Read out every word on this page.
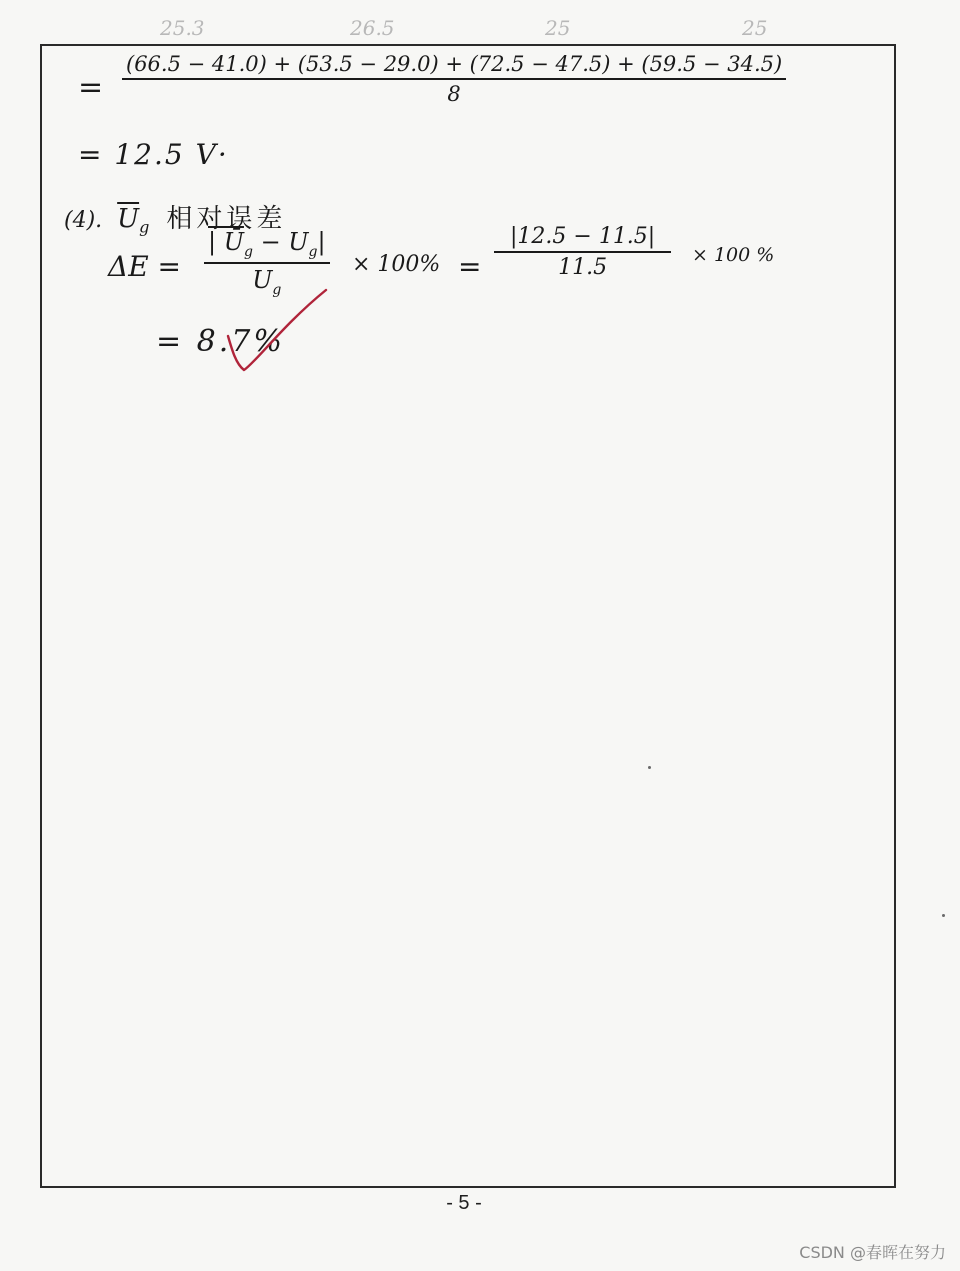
25.3	26.5	25	25
=
(66.5 − 41.0) + (53.5 − 29.0) + (72.5 − 47.5) + (59.5 − 34.5)
8
= 12.5 V·
(4). $\overline{U}_g$ 相对误差
ΔE =
| $Ū_g - U_g|$
$U_g$
× 100% =
|12.5 − 11.5|
11.5	× 100 %
= 8.7%
- 5 -
CSDN @春晖在努力
